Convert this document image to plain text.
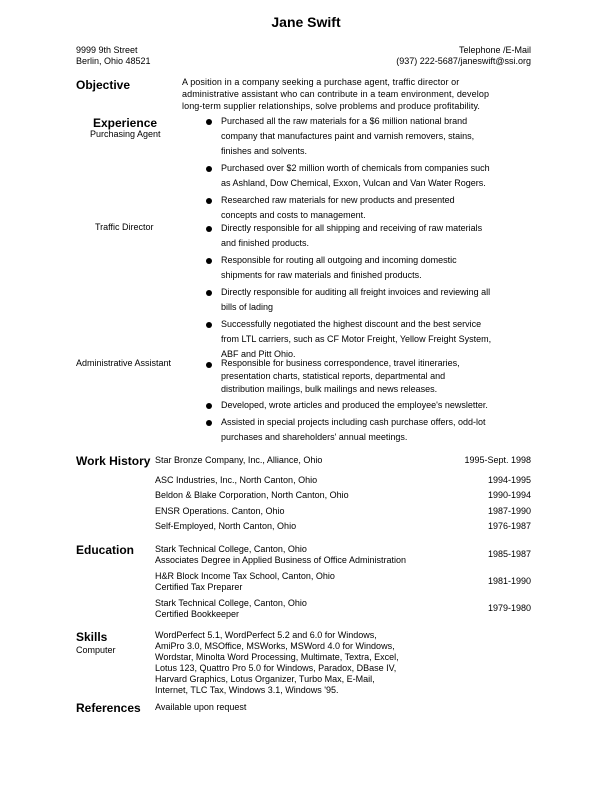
Jane Swift
9999 9th Street
Berlin, Ohio 48521
Telephone /E-Mail
(937) 222-5687/janeswift@ssi.org
Objective	A position in a company seeking a purchase agent, traffic director or
administrative assistant who can contribute in a team environment, develop
long-term supplier relationships, solve problems and produce profitability.
Experience
Purchasing Agent
Purchased all the raw materials for a $6 million national brand
company that manufactures paint and varnish removers, stains,
finishes and solvents.
Purchased over $2 million worth of chemicals from companies such
as Ashland, Dow Chemical, Exxon, Vulcan and Van Water Rogers.
Researched raw materials for new products and presented
concepts and costs to management.
Traffic Director	Directly responsible for all shipping and receiving of raw materials
and finished products.
Responsible for routing all outgoing and incoming domestic
shipments for raw materials and finished products.
Directly responsible for auditing all freight invoices and reviewing all
bills of lading
Successfully negotiated the highest discount and the best service
from LTL carriers, such as CF Motor Freight, Yellow Freight System,
ABF and Pitt Ohio.
Administrative Assistant	Responsible for business correspondence, travel itineraries,
presentation charts, statistical reports, departmental and
distribution mailings, bulk mailings and news releases.
Developed, wrote articles and produced the employee's newsletter.
Assisted in special projects including cash purchase offers, odd-lot
purchases and shareholders' annual meetings.
Work History Star Bronze Company, Inc., Alliance, Ohio	1995-Sept. 1998
ASC Industries, Inc., North Canton, Ohio	1994-1995
Beldon & Blake Corporation, North Canton, Ohio	1990-1994
ENSR Operations. Canton, Ohio	1987-1990
Self-Employed, North Canton, Ohio	1976-1987
Education Stark Technical College, Canton, Ohio
Associates Degree in Applied Business of Office Administration
1985-1987
H&R Block Income Tax School, Canton, Ohio
Certified Tax Preparer
1981-1990
Stark Technical College, Canton, Ohio
Certified Bookkeeper
1979-1980
Skills
Computer
WordPerfect 5.1, WordPerfect 5.2 and 6.0 for Windows,
AmiPro 3.0, MSOffice, MSWorks, MSWord 4.0 for Windows,
Wordstar, Minolta Word Processing, Multimate, Textra, Excel,
Lotus 123, Quattro Pro 5.0 for Windows, Paradox, DBase IV,
Harvard Graphics, Lotus Organizer, Turbo Max, E-Mail,
Internet, TLC Tax, Windows 3.1, Windows '95.
References Available upon request
